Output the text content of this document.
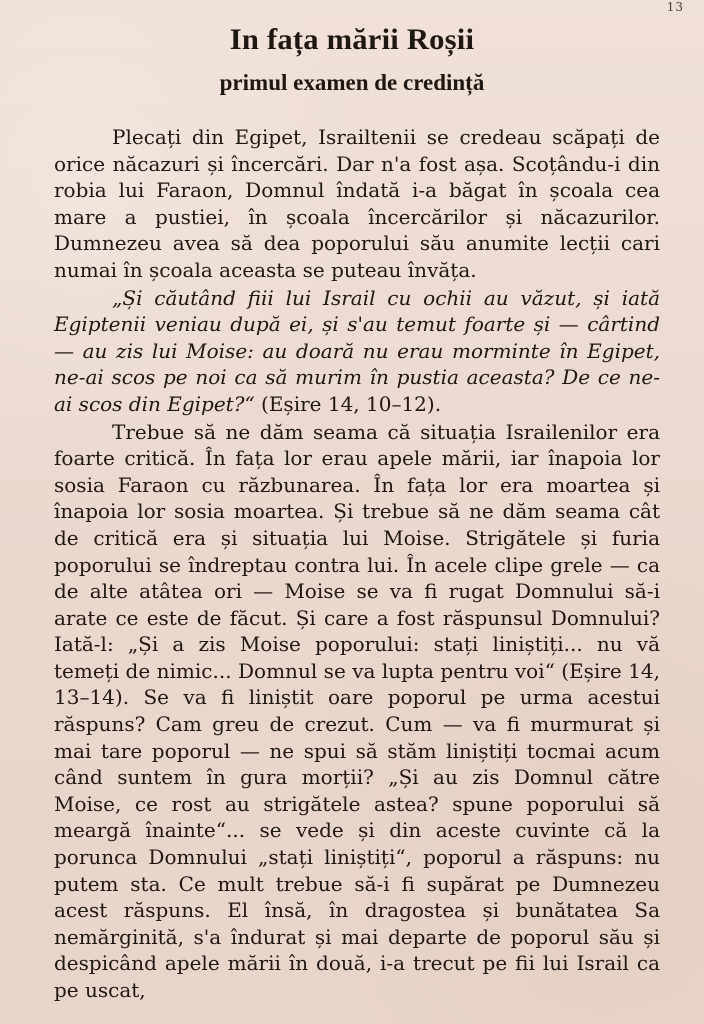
13
In fața mării Roșii
primul examen de credință

Plecați din Egipet, Israiltenii se credeau scăpați de orice năcazuri și încercări. Dar n'a fost așa. Scoțându-i din robia lui Faraon, Domnul îndată i-a băgat în școala cea mare a pustiei, în școala încercărilor și năcazurilor. Dumnezeu avea să dea poporului său anumite lecții cari numai în școala aceasta se puteau învăța.

„Și căutând fiii lui Israil cu ochii au văzut, și iată Egiptenii veniau după ei, și s'au temut foarte și — cârtind — au zis lui Moise: au doară nu erau morminte în Egipet, ne-ai scos pe noi ca să murim în pustia aceasta? De ce ne-ai scos din Egipet?“ (Eșire 14, 10–12).

Trebue să ne dăm seama că situația Israilenilor era foarte critică. În fața lor erau apele mării, iar înapoia lor sosia Faraon cu răzbunarea. În fața lor era moartea și înapoia lor sosia moartea. Și trebue să ne dăm seama cât de critică era și situația lui Moise. Strigătele și furia poporului se îndreptau contra lui. În acele clipe grele — ca de alte atâtea ori — Moise se va fi rugat Domnului să-i arate ce este de făcut. Și care a fost răspunsul Domnului? Iată-l: „Și a zis Moise poporului: stați liniștiți... nu vă temeți de nimic... Domnul se va lupta pentru voi“ (Eșire 14, 13–14). Se va fi liniștit oare poporul pe urma acestui răspuns? Cam greu de crezut. Cum — va fi murmurat și mai tare poporul — ne spui să stăm liniștiți tocmai acum când suntem în gura morții? „Și au zis Domnul către Moise, ce rost au strigătele astea? spune poporului să meargă înainte“... se vede și din aceste cuvinte că la porunca Domnului „stați liniștiți“, poporul a răspuns: nu putem sta. Ce mult trebue să-i fi supărat pe Dumnezeu acest răspuns. El însă, în dragostea și bunătatea Sa nemărginită, s'a îndurat și mai departe de poporul său și despicând apele mării în două, i-a trecut pe fii lui Israil ca pe uscat,
